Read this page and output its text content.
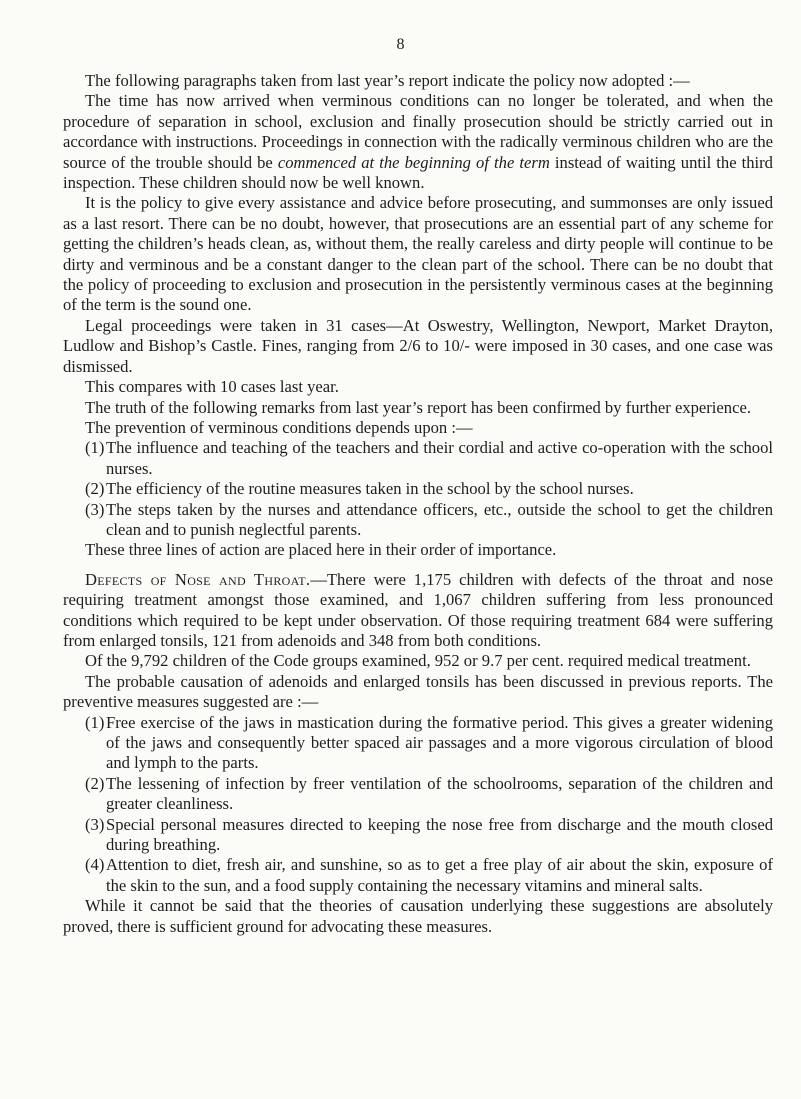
8

The following paragraphs taken from last year’s report indicate the policy now adopted :—

The time has now arrived when verminous conditions can no longer be tolerated, and when the procedure of separation in school, exclusion and finally prosecution should be strictly carried out in accordance with instructions. Proceedings in connection with the radically verminous children who are the source of the trouble should be commenced at the beginning of the term instead of waiting until the third inspection. These children should now be well known.

It is the policy to give every assistance and advice before prosecuting, and summonses are only issued as a last resort. There can be no doubt, however, that prosecutions are an essential part of any scheme for getting the children’s heads clean, as, without them, the really careless and dirty people will continue to be dirty and verminous and be a constant danger to the clean part of the school. There can be no doubt that the policy of proceeding to exclusion and prosecution in the persistently verminous cases at the beginning of the term is the sound one.

Legal proceedings were taken in 31 cases—At Oswestry, Wellington, Newport, Market Drayton, Ludlow and Bishop’s Castle. Fines, ranging from 2/6 to 10/- were imposed in 30 cases, and one case was dismissed.

This compares with 10 cases last year.

The truth of the following remarks from last year’s report has been confirmed by further experience.

The prevention of verminous conditions depends upon :—

(1) The influence and teaching of the teachers and their cordial and active co-operation with the school nurses.
(2) The efficiency of the routine measures taken in the school by the school nurses.
(3) The steps taken by the nurses and attendance officers, etc., outside the school to get the children clean and to punish neglectful parents.

These three lines of action are placed here in their order of importance.

Defects of Nose and Throat.—There were 1,175 children with defects of the throat and nose requiring treatment amongst those examined, and 1,067 children suffering from less pronounced conditions which required to be kept under observation. Of those requiring treatment 684 were suffering from enlarged tonsils, 121 from adenoids and 348 from both conditions.

Of the 9,792 children of the Code groups examined, 952 or 9.7 per cent. required medical treatment.

The probable causation of adenoids and enlarged tonsils has been discussed in previous reports. The preventive measures suggested are :—

(1) Free exercise of the jaws in mastication during the formative period. This gives a greater widening of the jaws and consequently better spaced air passages and a more vigorous circulation of blood and lymph to the parts.
(2) The lessening of infection by freer ventilation of the schoolrooms, separation of the children and greater cleanliness.
(3) Special personal measures directed to keeping the nose free from discharge and the mouth closed during breathing.
(4) Attention to diet, fresh air, and sunshine, so as to get a free play of air about the skin, exposure of the skin to the sun, and a food supply containing the necessary vitamins and mineral salts.

While it cannot be said that the theories of causation underlying these suggestions are absolutely proved, there is sufficient ground for advocating these measures.
